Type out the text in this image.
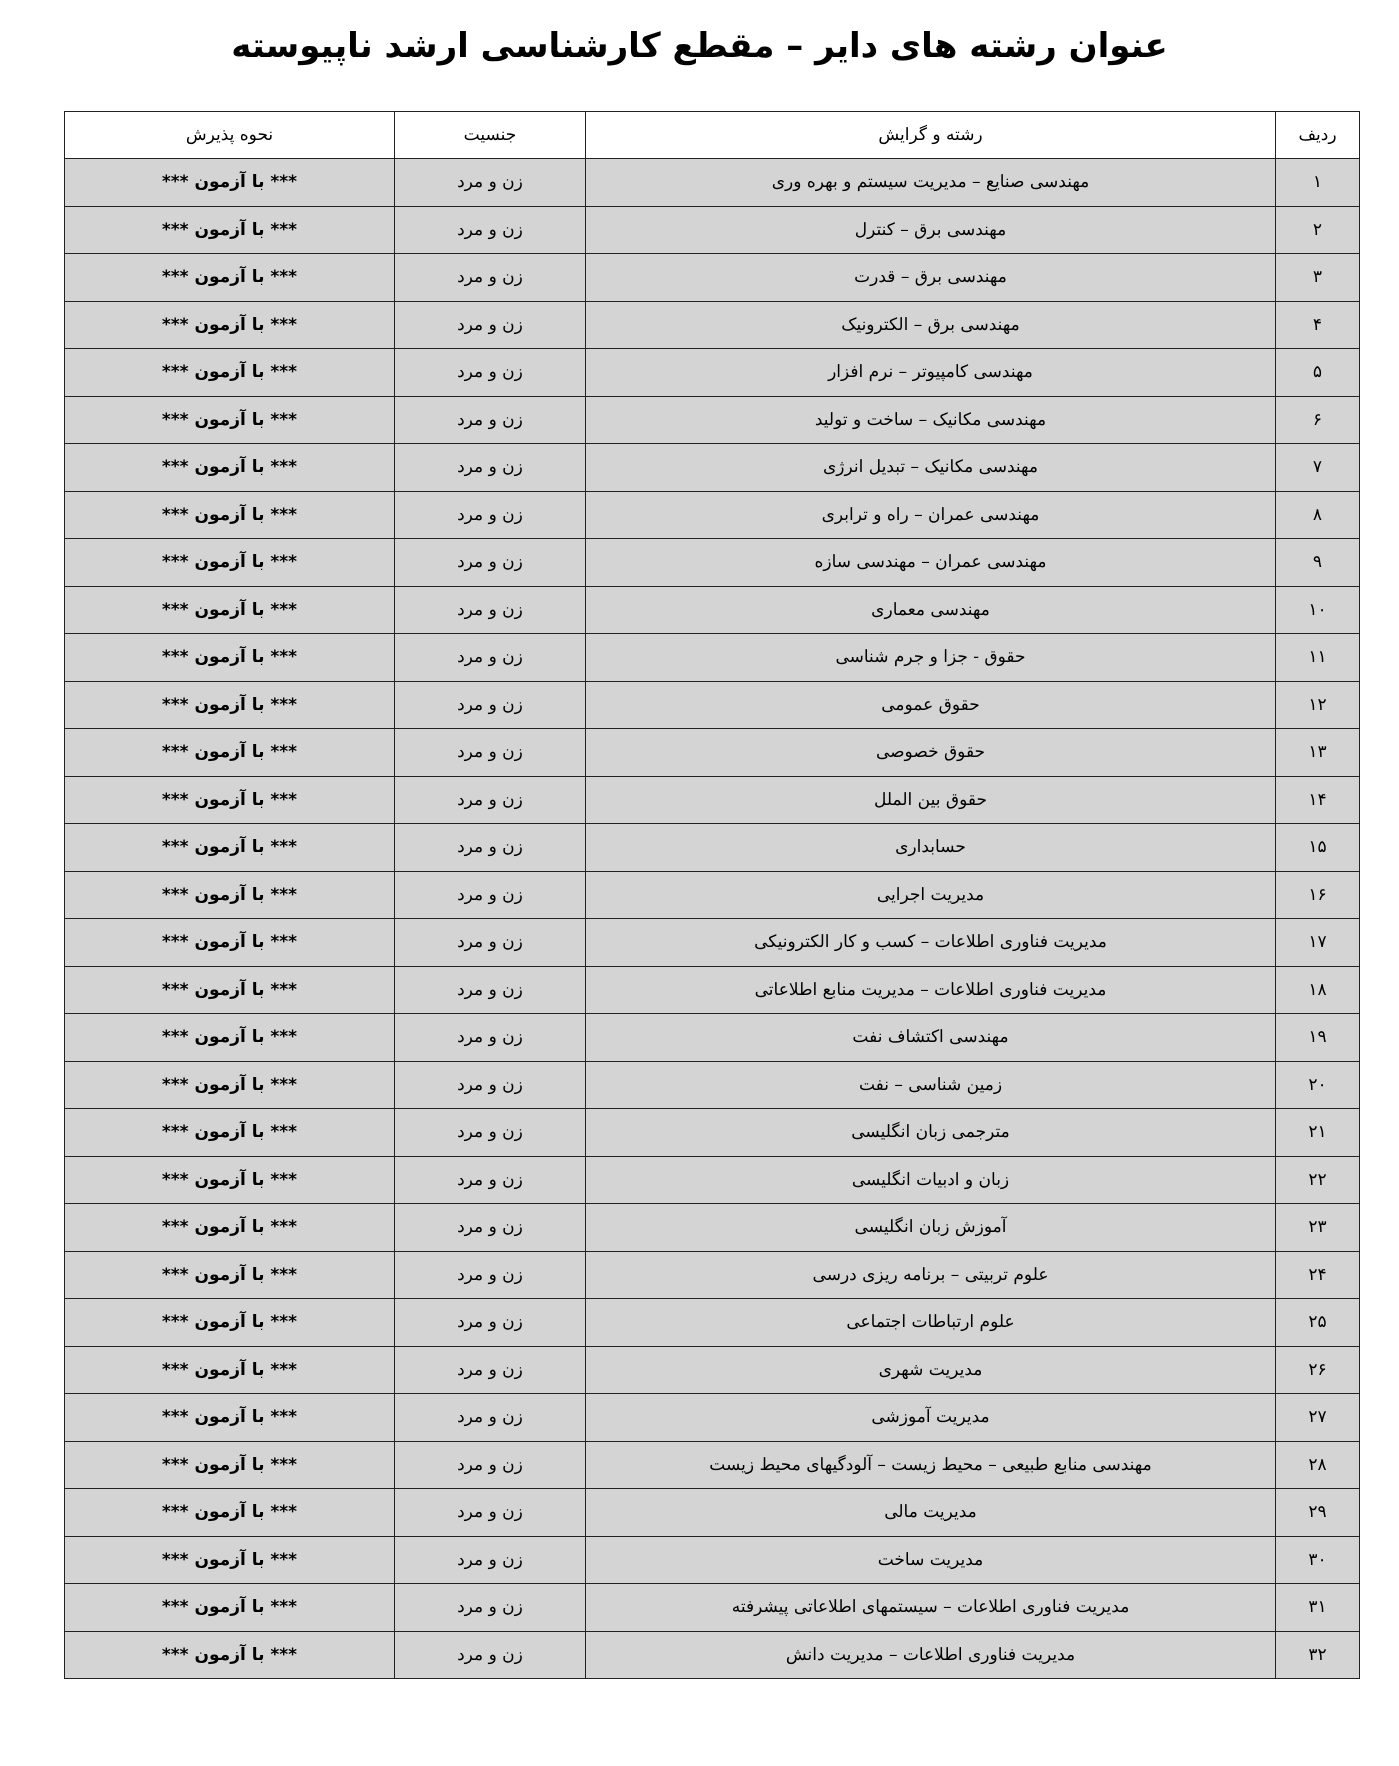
عنوان رشته های دایر – مقطع کارشناسی ارشد ناپیوسته
ردیف	رشته و گرایش	جنسیت	نحوه پذیرش
۱	مهندسی صنایع – مدیریت سیستم و بهره وری	زن و مرد	*** با آزمون ***
۲	مهندسی برق – کنترل	زن و مرد	*** با آزمون ***
۳	مهندسی برق – قدرت	زن و مرد	*** با آزمون ***
۴	مهندسی برق – الکترونیک	زن و مرد	*** با آزمون ***
۵	مهندسی کامپیوتر – نرم افزار	زن و مرد	*** با آزمون ***
۶	مهندسی مکانیک – ساخت و تولید	زن و مرد	*** با آزمون ***
۷	مهندسی مکانیک – تبدیل انرژی	زن و مرد	*** با آزمون ***
۸	مهندسی عمران – راه و ترابری	زن و مرد	*** با آزمون ***
۹	مهندسی عمران – مهندسی سازه	زن و مرد	*** با آزمون ***
۱۰	مهندسی معماری	زن و مرد	*** با آزمون ***
۱۱	حقوق - جزا و جرم شناسی	زن و مرد	*** با آزمون ***
۱۲	حقوق عمومی	زن و مرد	*** با آزمون ***
۱۳	حقوق خصوصی	زن و مرد	*** با آزمون ***
۱۴	حقوق بین الملل	زن و مرد	*** با آزمون ***
۱۵	حسابداری	زن و مرد	*** با آزمون ***
۱۶	مدیریت اجرایی	زن و مرد	*** با آزمون ***
۱۷	مدیریت فناوری اطلاعات – کسب و کار الکترونیکی	زن و مرد	*** با آزمون ***
۱۸	مدیریت فناوری اطلاعات – مدیریت منابع اطلاعاتی	زن و مرد	*** با آزمون ***
۱۹	مهندسی اکتشاف نفت	زن و مرد	*** با آزمون ***
۲۰	زمین شناسی – نفت	زن و مرد	*** با آزمون ***
۲۱	مترجمی زبان انگلیسی	زن و مرد	*** با آزمون ***
۲۲	زبان و ادبیات انگلیسی	زن و مرد	*** با آزمون ***
۲۳	آموزش زبان انگلیسی	زن و مرد	*** با آزمون ***
۲۴	علوم تربیتی – برنامه ریزی درسی	زن و مرد	*** با آزمون ***
۲۵	علوم ارتباطات اجتماعی	زن و مرد	*** با آزمون ***
۲۶	مدیریت شهری	زن و مرد	*** با آزمون ***
۲۷	مدیریت آموزشی	زن و مرد	*** با آزمون ***
۲۸	مهندسی منابع طبیعی – محیط زیست – آلودگیهای محیط زیست	زن و مرد	*** با آزمون ***
۲۹	مدیریت مالی	زن و مرد	*** با آزمون ***
۳۰	مدیریت ساخت	زن و مرد	*** با آزمون ***
۳۱	مدیریت فناوری اطلاعات – سیستمهای اطلاعاتی پیشرفته	زن و مرد	*** با آزمون ***
۳۲	مدیریت فناوری اطلاعات – مدیریت دانش	زن و مرد	*** با آزمون ***
